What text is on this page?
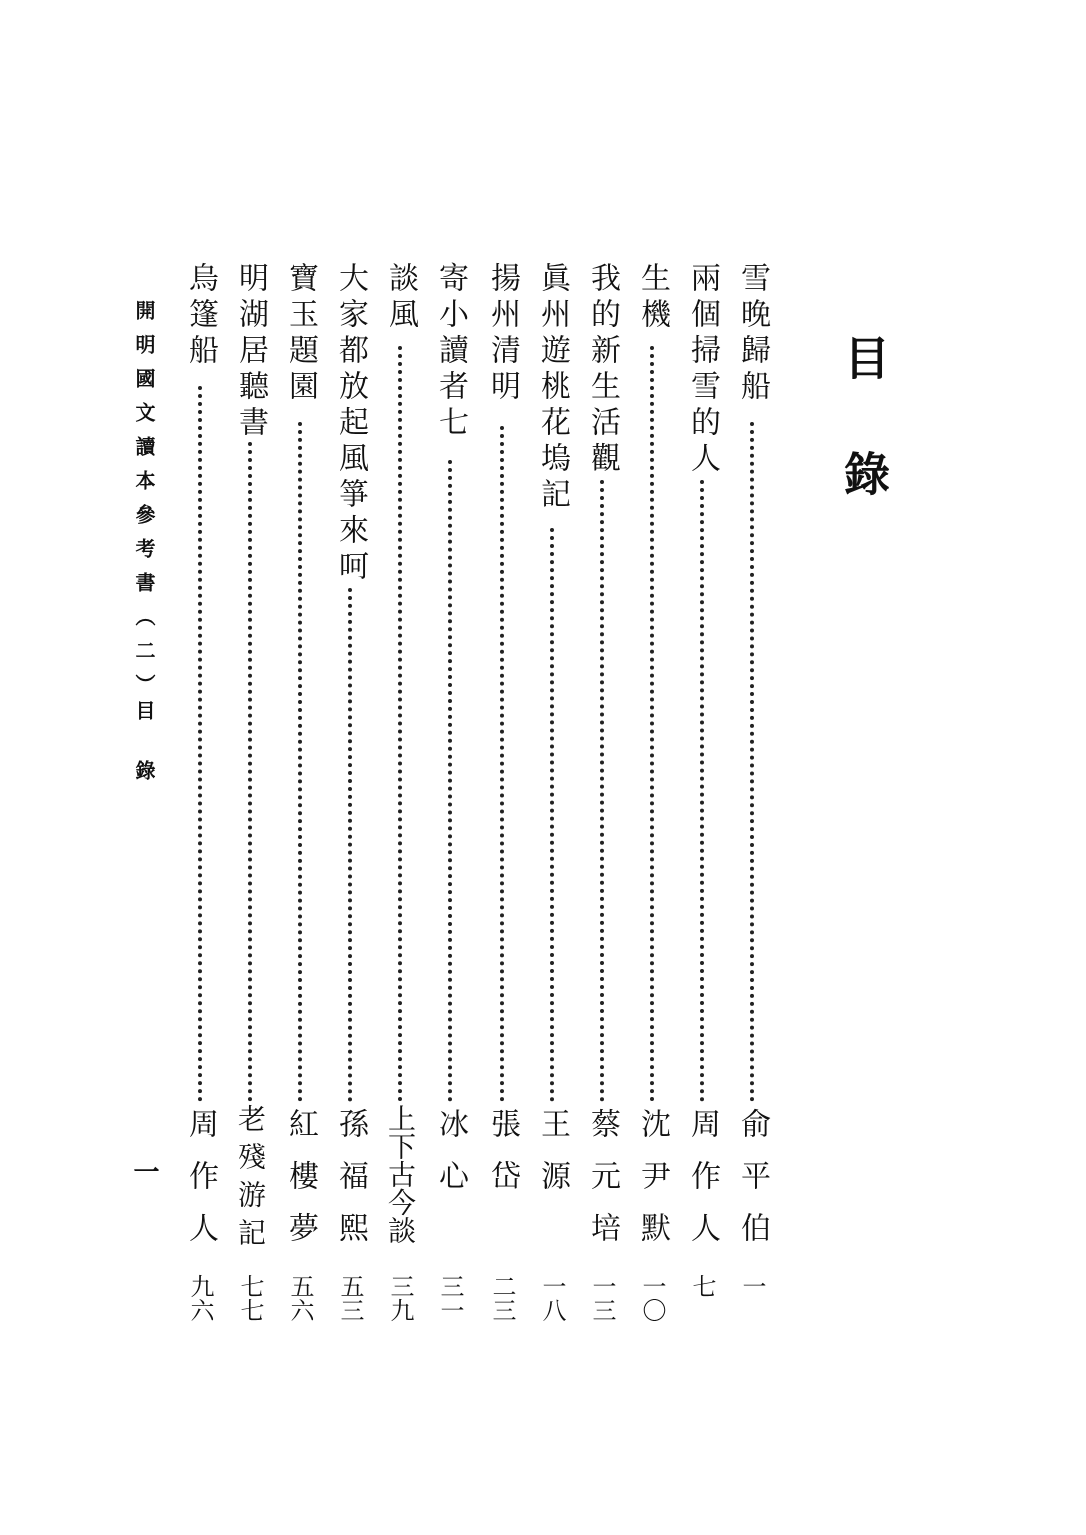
目錄
雪晚歸船
俞平伯
一
兩個掃雪的人
周作人
七
生機
沈尹默
一〇
我的新生活觀
蔡元培
一三
眞州遊桃花塢記
王源
一八
揚州清明
張岱
二三
寄小讀者七
冰心
三一
談風
上下古今談
三九
大家都放起風箏來呵
孫福熙
五三
寶玉題園
紅樓夢
五六
明湖居聽書
老殘游記
七七
烏篷船
周作人
九六
開明國文讀本參考書（二）
目錄
一
